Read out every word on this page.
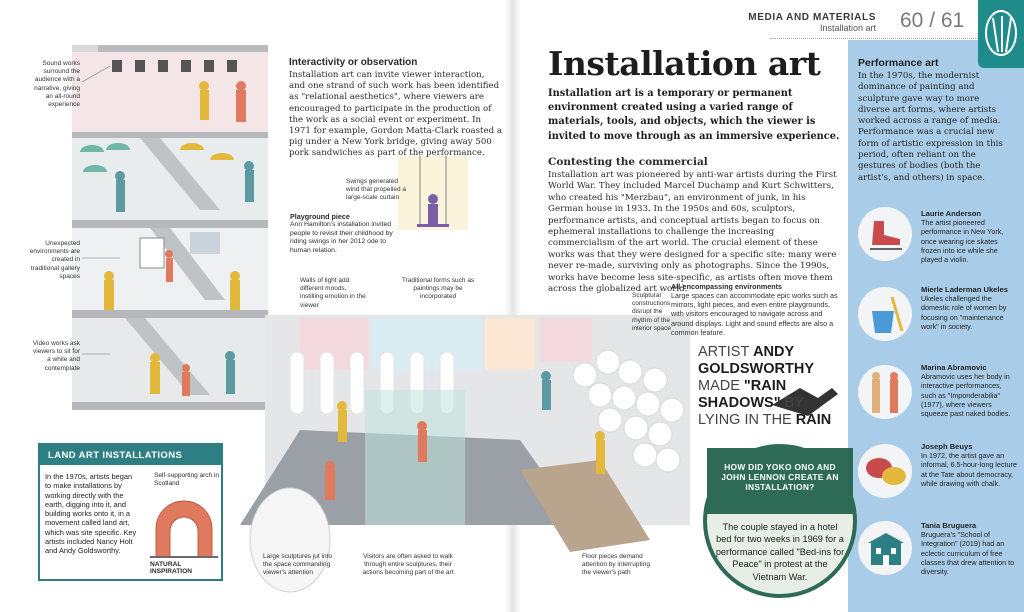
LAND ART INSTALLATIONS
In the 1970s, artists began to make installations by working directly with the earth, digging into it, and building works onto it, in a movement called land art, which was site specific. Key artists included Nancy Holt and Andy Goldsworthy.
Self-supporting arch in Scotland
NATURAL INSPIRATION
Interactivity or observation
Installation art can invite viewer interaction, and one strand of such work has been identified as "relational aesthetics", where viewers are encouraged to participate in the production of the work as a social event or experiment. In 1971 for example, Gordon Matta-Clark roasted a pig under a New York bridge, giving away 500 pork sandwiches as part of the performance.
Playground piece
Ann Hamilton's installation invited people to revisit their childhood by riding swings in her 2012 ode to human relation.
Sound works surround the audience with a narrative, giving an all-round experience
Unexpected environments are created in traditional gallery spaces
Video works ask viewers to sit for a while and contemplate
Swings generated wind that propelled a large-scale curtain
Walls of light add different moods, instilling emotion in the viewer
Traditional forms such as paintings may be incorporated	Sculptural constructions disrupt the rhythm of the interior space
Large sculptures jut into the space commanding viewer's attention
Visitors are often asked to walk through entire sculptures, their actions becoming part of the art
Floor pieces demand attention by interrupting the viewer's path
MEDIA AND MATERIALS
Installation art 60 / 61
Performance art
In the 1970s, the modernist dominance of painting and sculpture gave way to more diverse art forms, where artists worked across a range of media. Performance was a crucial new form of artistic expression in this period, often reliant on the gestures of bodies (both the artist's, and others) in space.
Laurie Anderson
The artist pioneered performance in New York, once wearing ice skates frozen into ice while she played a violin.
Mierle Laderman Ukeles
Ukeles challenged the domestic role of women by focusing on "maintenance work" in society.
Marina Abramovic
Abramovic uses her body in interactive performances, such as "Imponderabilia" (1977), where viewers squeeze past naked bodies.
Joseph Beuys
In 1972, the artist gave an informal, 6.5-hour-long lecture at the Tate about democracy, while drawing with chalk.
Tania Bruguera
Bruguera's "School of Integration" (2019) had an eclectic curriculum of free classes that drew attention to diversity.
Installation art
Installation art is a temporary or permanent environment created using a varied range of materials, tools, and objects, which the viewer is invited to move through as an immersive experience.
Contesting the commercial
Installation art was pioneered by anti-war artists during the First World War. They included Marcel Duchamp and Kurt Schwitters, who created his "Merzbau", an environment of junk, in his German house in 1933. In the 1950s and 60s, sculptors, performance artists, and conceptual artists began to focus on ephemeral installations to challenge the increasing commercialism of the art world. The crucial element of these works was that they were designed for a specific site: many were never re-made, surviving only as photographs. Since the 1990s, works have become less site-specific, as artists often move them across the globalized art world.
All-encompassing environments
Large spaces can accommodate epic works such as mirrors, light pieces, and even entire playgrounds, with visitors encouraged to navigate across and around displays. Light and sound effects are also a common feature.
ARTIST ANDY GOLDSWORTHY MADE "RAIN SHADOWS" BY LYING IN THE RAIN
HOW DID YOKO ONO AND JOHN LENNON CREATE AN INSTALLATION?
The couple stayed in a hotel bed for two weeks in 1969 for a performance called "Bed-ins for Peace" in protest at the Vietnam War.
